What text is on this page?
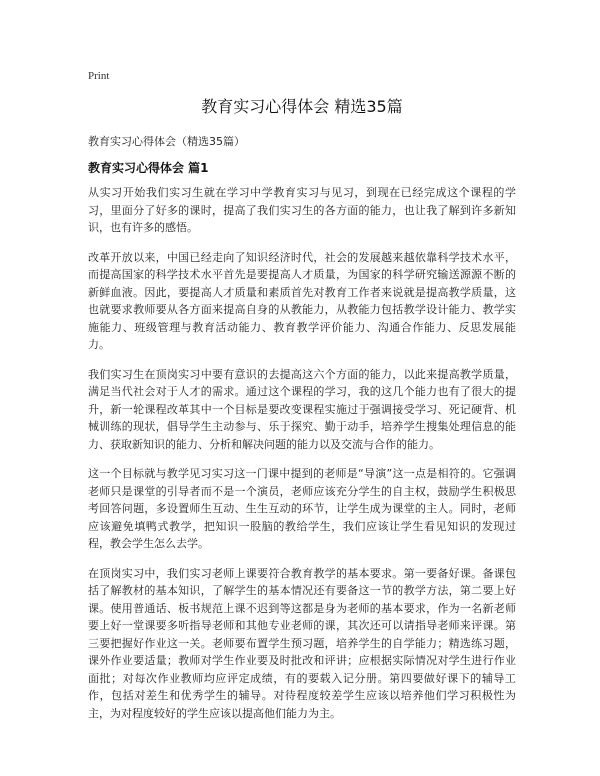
Print

教育实习心得体会 精选35篇

教育实习心得体会（精选35篇）

教育实习心得体会 篇1

从实习开始我们实习生就在学习中学教育实习与见习，到现在已经完成这个课程的学习，里面分了好多的课时，提高了我们实习生的各方面的能力，也让我了解到许多新知识，也有许多的感悟。

改革开放以来，中国已经走向了知识经济时代，社会的发展越来越依靠科学技术水平，而提高国家的科学技术水平首先是要提高人才质量，为国家的科学研究输送源源不断的新鲜血液。因此，要提高人才质量和素质首先对教育工作者来说就是提高教学质量，这也就要求教师要从各方面来提高自身的从教能力，从教能力包括教学设计能力、教学实施能力、班级管理与教育活动能力、教育教学评价能力、沟通合作能力、反思发展能力。

我们实习生在顶岗实习中要有意识的去提高这六个方面的能力，以此来提高教学质量，满足当代社会对于人才的需求。通过这个课程的学习，我的这几个能力也有了很大的提升，新一轮课程改革其中一个目标是要改变课程实施过于强调接受学习、死记硬背、机械训练的现状，倡导学生主动参与、乐于探究、勤于动手，培养学生搜集处理信息的能力、获取新知识的能力、分析和解决问题的能力以及交流与合作的能力。

这一个目标就与教学见习实习这一门课中提到的老师是“导演”这一点是相符的。它强调老师只是课堂的引导者而不是一个演员，老师应该充分学生的自主权，鼓励学生积极思考回答问题，多设置师生互动、生生互动的环节，让学生成为课堂的主人。同时，老师应该避免填鸭式教学，把知识一股脑的教给学生，我们应该让学生看见知识的发现过程，教会学生怎么去学。

在顶岗实习中，我们实习老师上课要符合教育教学的基本要求。第一要备好课。备课包括了解教材的基本知识，了解学生的基本情况还有要备这一节的教学方法，第二要上好课。使用普通话、板书规范上课不迟到等这都是身为老师的基本要求，作为一名新老师要上好一堂课要多听指导老师和其他专业老师的课，其次还可以请指导老师来评课。第三要把握好作业这一关。老师要布置学生预习题，培养学生的自学能力；精选练习题，课外作业要适量；教师对学生作业要及时批改和评讲；应根据实际情况对学生进行作业面批；对每次作业教师均应评定成绩，有的要载入记分册。第四要做好课下的辅导工作，包括对差生和优秀学生的辅导。对待程度较差学生应该以培养他们学习积极性为主，为对程度较好的学生应该以提高他们能力为主。
